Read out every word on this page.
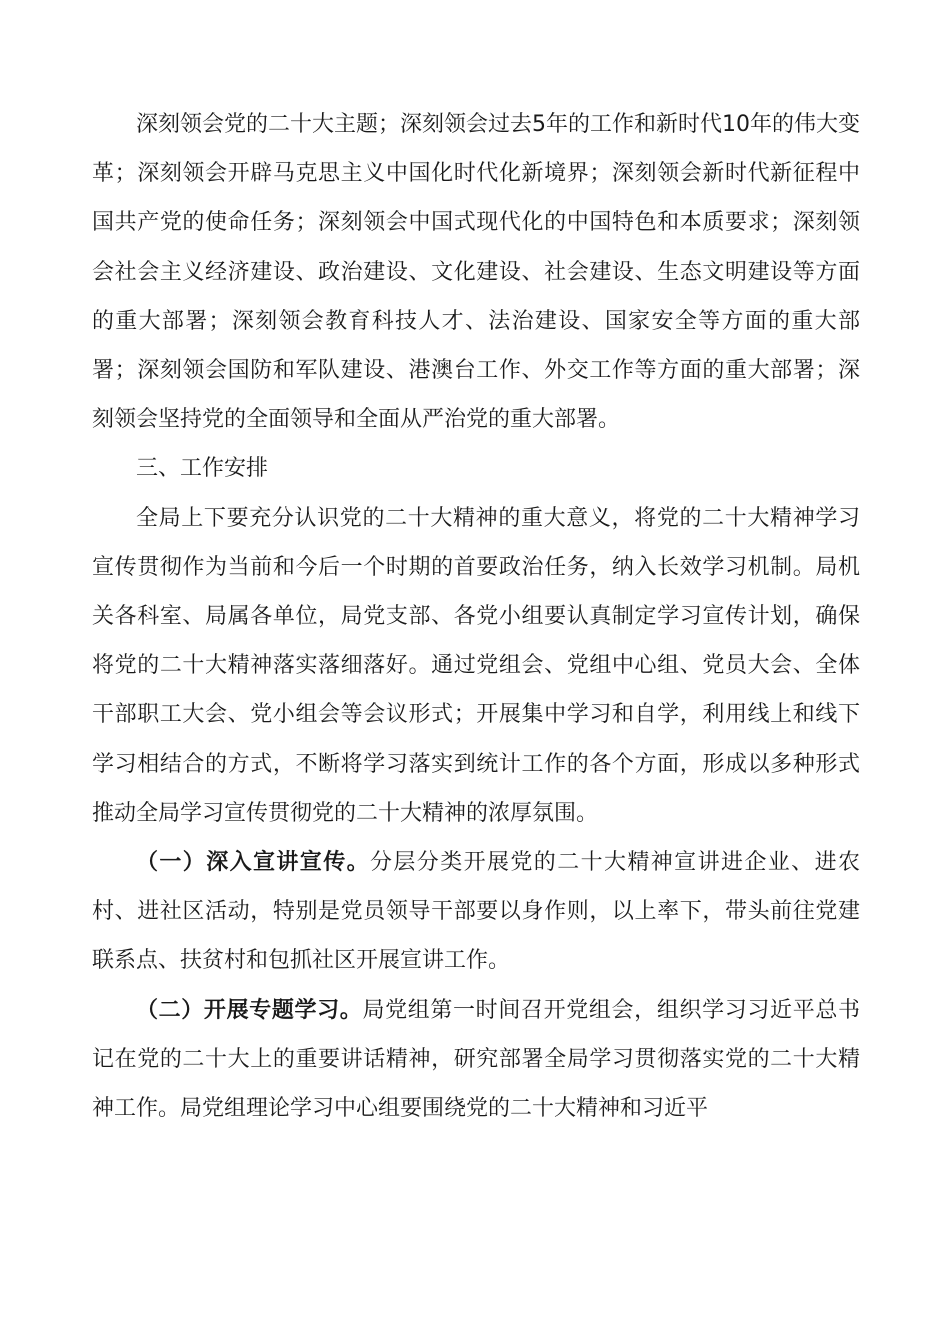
深刻领会党的二十大主题；深刻领会过去5年的工作和新时代10年的伟大变革；深刻领会开辟马克思主义中国化时代化新境界；深刻领会新时代新征程中国共产党的使命任务；深刻领会中国式现代化的中国特色和本质要求；深刻领会社会主义经济建设、政治建设、文化建设、社会建设、生态文明建设等方面的重大部署；深刻领会教育科技人才、法治建设、国家安全等方面的重大部署；深刻领会国防和军队建设、港澳台工作、外交工作等方面的重大部署；深刻领会坚持党的全面领导和全面从严治党的重大部署。

三、工作安排

全局上下要充分认识党的二十大精神的重大意义，将党的二十大精神学习宣传贯彻作为当前和今后一个时期的首要政治任务，纳入长效学习机制。局机关各科室、局属各单位，局党支部、各党小组要认真制定学习宣传计划，确保将党的二十大精神落实落细落好。通过党组会、党组中心组、党员大会、全体干部职工大会、党小组会等会议形式；开展集中学习和自学，利用线上和线下学习相结合的方式，不断将学习落实到统计工作的各个方面，形成以多种形式推动全局学习宣传贯彻党的二十大精神的浓厚氛围。

（一）深入宣讲宣传。分层分类开展党的二十大精神宣讲进企业、进农村、进社区活动，特别是党员领导干部要以身作则，以上率下，带头前往党建联系点、扶贫村和包抓社区开展宣讲工作。

（二）开展专题学习。局党组第一时间召开党组会，组织学习习近平总书记在党的二十大上的重要讲话精神，研究部署全局学习贯彻落实党的二十大精神工作。局党组理论学习中心组要围绕党的二十大精神和习近平
